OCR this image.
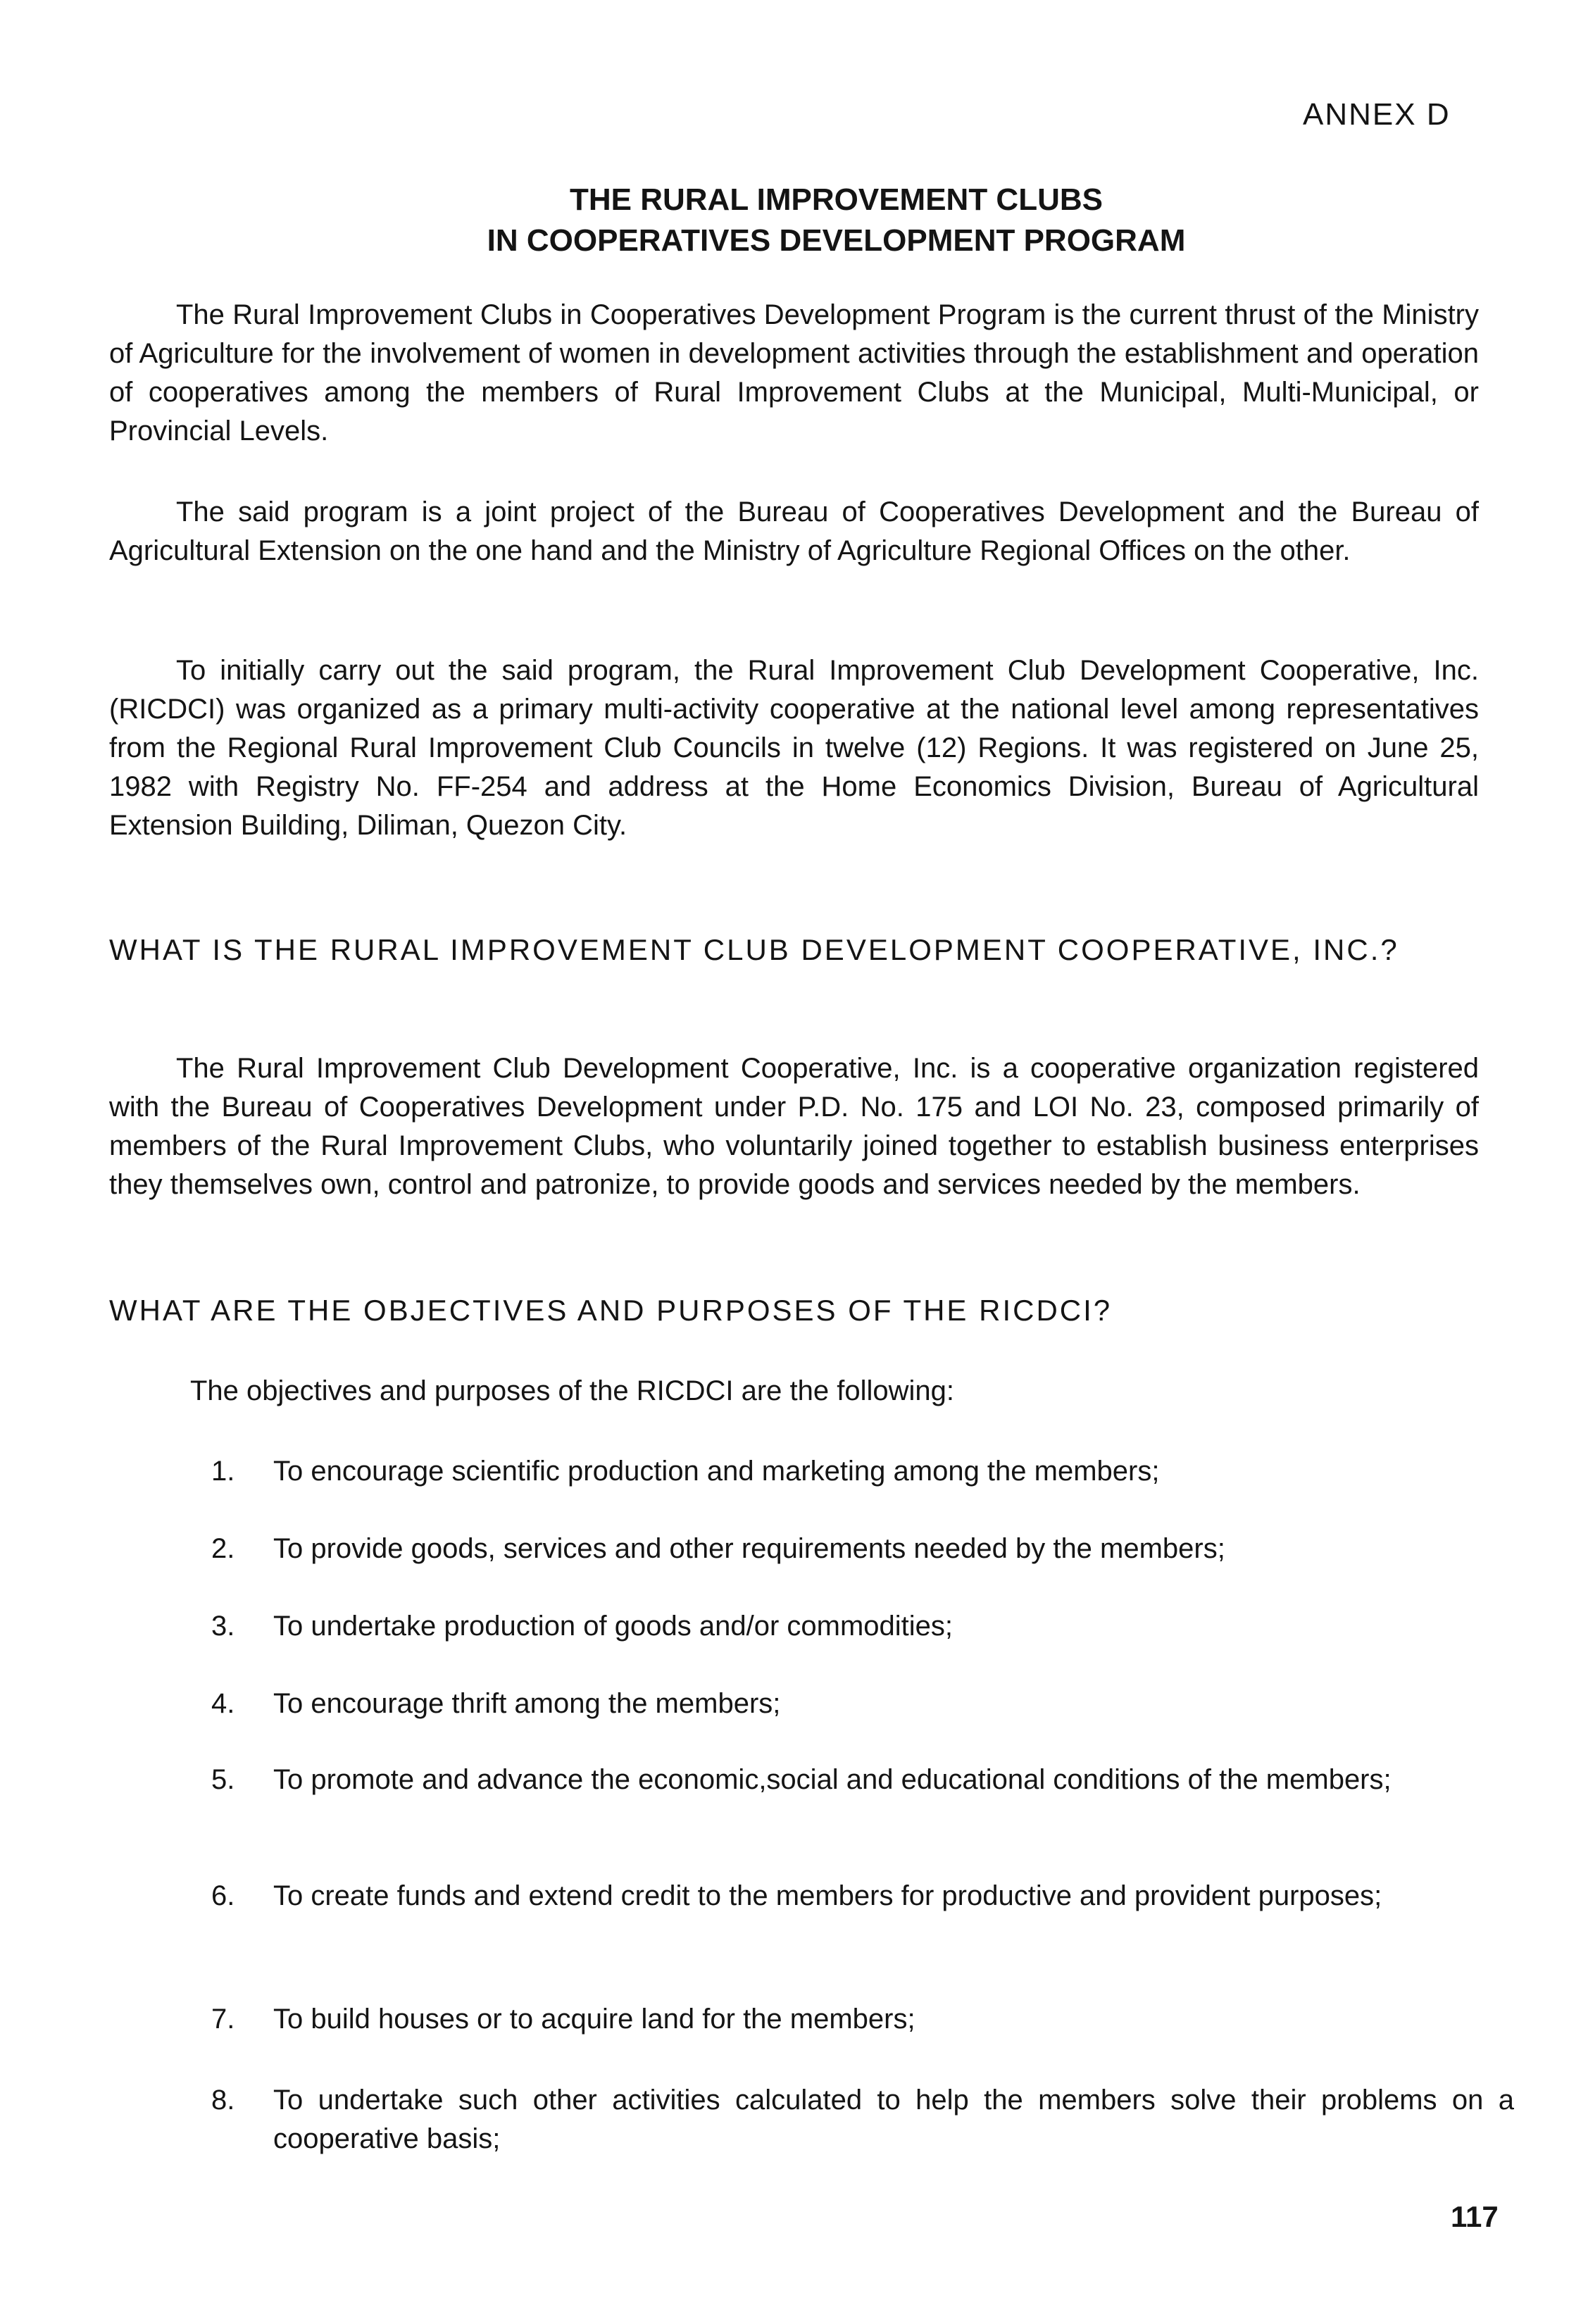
ANNEX D
THE RURAL IMPROVEMENT CLUBS
IN COOPERATIVES DEVELOPMENT PROGRAM

The Rural Improvement Clubs in Cooperatives Development Program is the current thrust of the Ministry of Agriculture for the involvement of women in development activities through the establishment and operation of cooperatives among the members of Rural Improvement Clubs at the Municipal, Multi-Municipal, or Provincial Levels.

The said program is a joint project of the Bureau of Cooperatives Development and the Bureau of Agricultural Extension on the one hand and the Ministry of Agriculture Regional Offices on the other.

To initially carry out the said program, the Rural Improvement Club Development Cooperative, Inc. (RICDCI) was organized as a primary multi-activity cooperative at the national level among representatives from the Regional Rural Improvement Club Councils in twelve (12) Regions. It was registered on June 25, 1982 with Registry No. FF-254 and address at the Home Economics Division, Bureau of Agricultural Extension Building, Diliman, Quezon City.

WHAT IS THE RURAL IMPROVEMENT CLUB DEVELOPMENT COOPERATIVE, INC.?

The Rural Improvement Club Development Cooperative, Inc. is a cooperative organization registered with the Bureau of Cooperatives Development under P.D. No. 175 and LOI No. 23, composed primarily of members of the Rural Improvement Clubs, who voluntarily joined together to establish business enterprises they themselves own, control and patronize, to provide goods and services needed by the members.

WHAT ARE THE OBJECTIVES AND PURPOSES OF THE RICDCI?

The objectives and purposes of the RICDCI are the following:

1.	To encourage scientific production and marketing among the members;
2.	To provide goods, services and other requirements needed by the members;
3.	To undertake production of goods and/or commodities;
4.	To encourage thrift among the members;
5.	To promote and advance the economic,social and educational conditions of the members;
6.	To create funds and extend credit to the members for productive and provident purposes;
7.	To build houses or to acquire land for the members;
8.	To undertake such other activities calculated to help the members solve their problems on a cooperative basis;
117
